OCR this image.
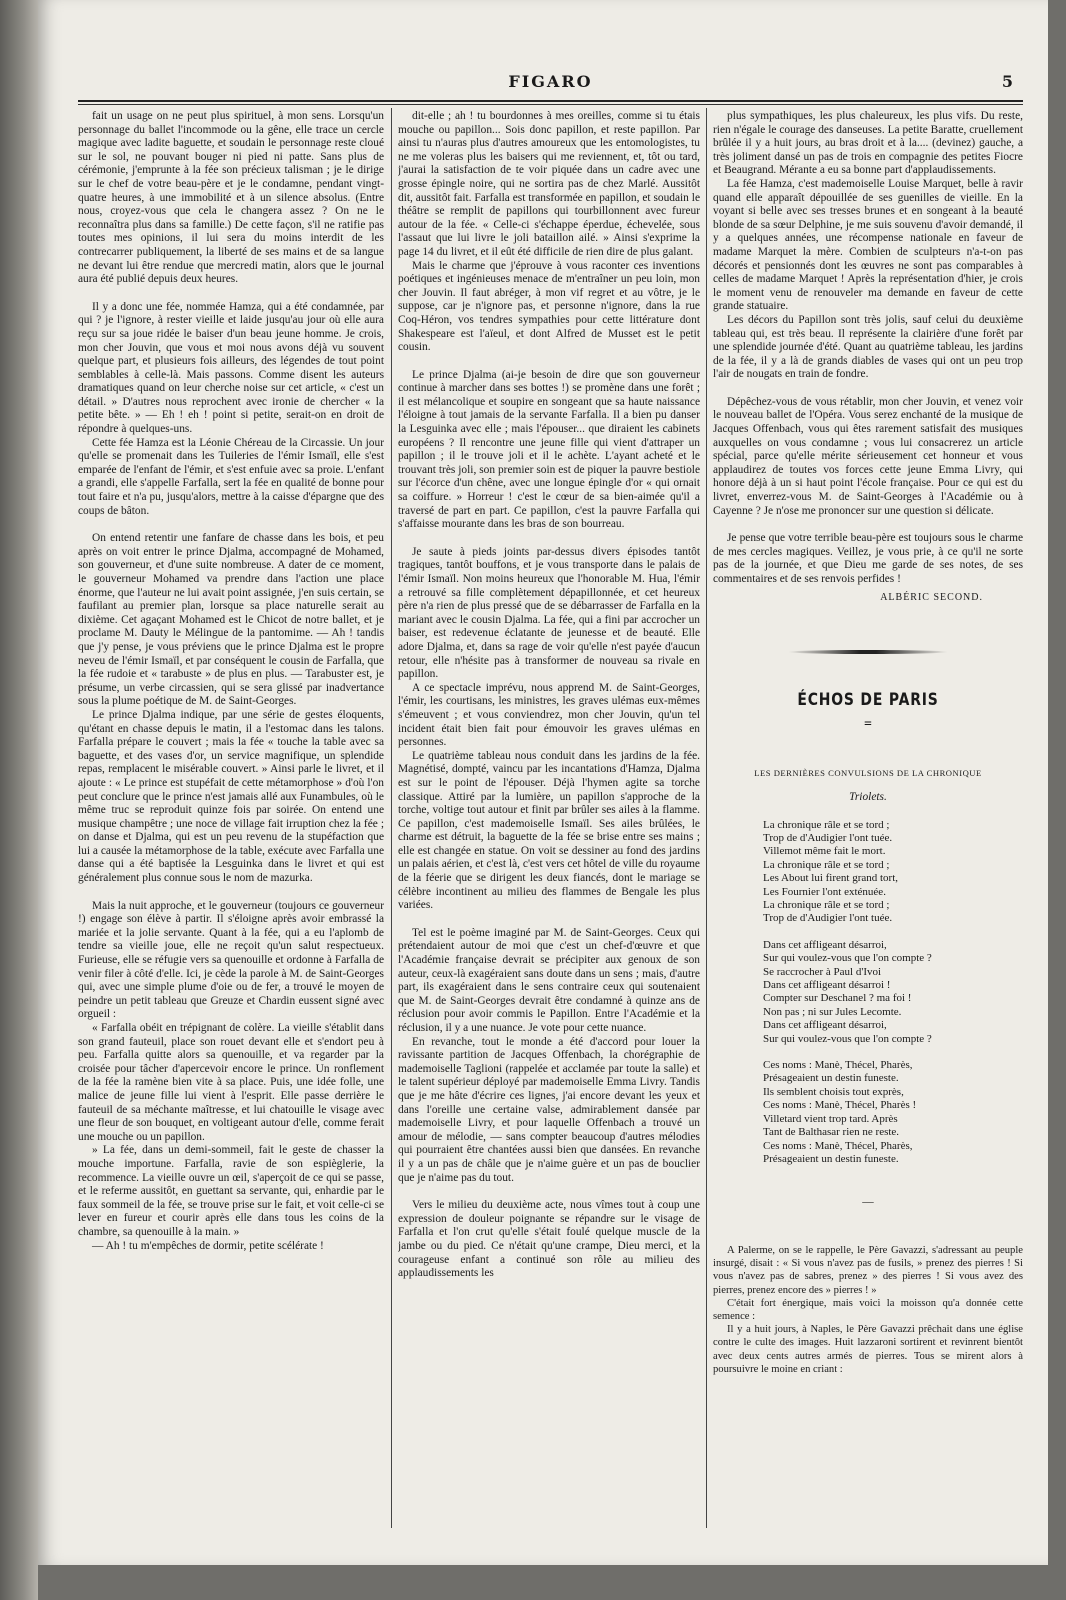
FIGARO	5

fait un usage on ne peut plus spirituel, à mon sens. Lorsqu'un personnage du ballet l'incommode ou la gêne, elle trace un cercle magique avec ladite baguette, et soudain le personnage reste cloué sur le sol, ne pouvant bouger ni pied ni patte. Sans plus de cérémonie, j'emprunte à la fée son précieux talisman ; je le dirige sur le chef de votre beau-père et je le condamne, pendant vingt-quatre heures, à une immobilité et à un silence absolus. (Entre nous, croyez-vous que cela le changera assez ? On ne le reconnaîtra plus dans sa famille.) De cette façon, s'il ne ratifie pas toutes mes opinions, il lui sera du moins interdit de les contrecarrer publiquement, la liberté de ses mains et de sa langue ne devant lui être rendue que mercredi matin, alors que le journal aura été publié depuis deux heures.

Il y a donc une fée, nommée Hamza, qui a été condamnée, par qui ? je l'ignore, à rester vieille et laide jusqu'au jour où elle aura reçu sur sa joue ridée le baiser d'un beau jeune homme. Je crois, mon cher Jouvin, que vous et moi nous avons déjà vu souvent quelque part, et plusieurs fois ailleurs, des légendes de tout point semblables à celle-là. Mais passons. Comme disent les auteurs dramatiques quand on leur cherche noise sur cet article, « c'est un détail. » D'autres nous reprochent avec ironie de chercher « la petite bête. » — Eh ! eh ! point si petite, serait-on en droit de répondre à quelques-uns.

Cette fée Hamza est la Léonie Chéreau de la Circassie. Un jour qu'elle se promenait dans les Tuileries de l'émir Ismaïl, elle s'est emparée de l'enfant de l'émir, et s'est enfuie avec sa proie. L'enfant a grandi, elle s'appelle Farfalla, sert la fée en qualité de bonne pour tout faire et n'a pu, jusqu'alors, mettre à la caisse d'épargne que des coups de bâton.

On entend retentir une fanfare de chasse dans les bois, et peu après on voit entrer le prince Djalma, accompagné de Mohamed, son gouverneur, et d'une suite nombreuse. A dater de ce moment, le gouverneur Mohamed va prendre dans l'action une place énorme, que l'auteur ne lui avait point assignée, j'en suis certain, se faufilant au premier plan, lorsque sa place naturelle serait au dixième. Cet agaçant Mohamed est le Chicot de notre ballet, et je proclame M. Dauty le Mélingue de la pantomime. — Ah ! tandis que j'y pense, je vous préviens que le prince Djalma est le propre neveu de l'émir Ismaïl, et par conséquent le cousin de Farfalla, que la fée rudoie et « tarabuste » de plus en plus. — Tarabuster est, je présume, un verbe circassien, qui se sera glissé par inadvertance sous la plume poétique de M. de Saint-Georges.

Le prince Djalma indique, par une série de gestes éloquents, qu'étant en chasse depuis le matin, il a l'estomac dans les talons. Farfalla prépare le couvert ; mais la fée « touche la table avec sa baguette, et des vases d'or, un service magnifique, un splendide repas, remplacent le misérable couvert. » Ainsi parle le livret, et il ajoute : « Le prince est stupéfait de cette métamorphose » d'où l'on peut conclure que le prince n'est jamais allé aux Funambules, où le même truc se reproduit quinze fois par soirée. On entend une musique champêtre ; une noce de village fait irruption chez la fée ; on danse et Djalma, qui est un peu revenu de la stupéfaction que lui a causée la métamorphose de la table, exécute avec Farfalla une danse qui a été baptisée la Lesguinka dans le livret et qui est généralement plus connue sous le nom de mazurka.

Mais la nuit approche, et le gouverneur (toujours ce gouverneur !) engage son élève à partir. Il s'éloigne après avoir embrassé la mariée et la jolie servante. Quant à la fée, qui a eu l'aplomb de tendre sa vieille joue, elle ne reçoit qu'un salut respectueux. Furieuse, elle se réfugie vers sa quenouille et ordonne à Farfalla de venir filer à côté d'elle. Ici, je cède la parole à M. de Saint-Georges qui, avec une simple plume d'oie ou de fer, a trouvé le moyen de peindre un petit tableau que Greuze et Chardin eussent signé avec orgueil :

« Farfalla obéit en trépignant de colère. La vieille s'établit dans son grand fauteuil, place son rouet devant elle et s'endort peu à peu. Farfalla quitte alors sa quenouille, et va regarder par la croisée pour tâcher d'apercevoir encore le prince. Un ronflement de la fée la ramène bien vite à sa place. Puis, une idée folle, une malice de jeune fille lui vient à l'esprit. Elle passe derrière le fauteuil de sa méchante maîtresse, et lui chatouille le visage avec une fleur de son bouquet, en voltigeant autour d'elle, comme ferait une mouche ou un papillon.

» La fée, dans un demi-sommeil, fait le geste de chasser la mouche importune. Farfalla, ravie de son espièglerie, la recommence. La vieille ouvre un œil, s'aperçoit de ce qui se passe, et le referme aussitôt, en guettant sa servante, qui, enhardie par le faux sommeil de la fée, se trouve prise sur le fait, et voit celle-ci se lever en fureur et courir après elle dans tous les coins de la chambre, sa quenouille à la main. »

— Ah ! tu m'empêches de dormir, petite scélérate !

dit-elle ; ah ! tu bourdonnes à mes oreilles, comme si tu étais mouche ou papillon... Sois donc papillon, et reste papillon. Par ainsi tu n'auras plus d'autres amoureux que les entomologistes, tu ne me voleras plus les baisers qui me reviennent, et, tôt ou tard, j'aurai la satisfaction de te voir piquée dans un cadre avec une grosse épingle noire, qui ne sortira pas de chez Marlé. Aussitôt dit, aussitôt fait. Farfalla est transformée en papillon, et soudain le théâtre se remplit de papillons qui tourbillonnent avec fureur autour de la fée. « Celle-ci s'échappe éperdue, échevelée, sous l'assaut que lui livre le joli bataillon ailé. » Ainsi s'exprime la page 14 du livret, et il eût été difficile de rien dire de plus galant.

Mais le charme que j'éprouve à vous raconter ces inventions poétiques et ingénieuses menace de m'entraîner un peu loin, mon cher Jouvin. Il faut abréger, à mon vif regret et au vôtre, je le suppose, car je n'ignore pas, et personne n'ignore, dans la rue Coq-Héron, vos tendres sympathies pour cette littérature dont Shakespeare est l'aïeul, et dont Alfred de Musset est le petit cousin.

Le prince Djalma (ai-je besoin de dire que son gouverneur continue à marcher dans ses bottes !) se promène dans une forêt ; il est mélancolique et soupire en songeant que sa haute naissance l'éloigne à tout jamais de la servante Farfalla. Il a bien pu danser la Lesguinka avec elle ; mais l'épouser... que diraient les cabinets européens ? Il rencontre une jeune fille qui vient d'attraper un papillon ; il le trouve joli et il le achète. L'ayant acheté et le trouvant très joli, son premier soin est de piquer la pauvre bestiole sur l'écorce d'un chêne, avec une longue épingle d'or « qui ornait sa coiffure. » Horreur ! c'est le cœur de sa bien-aimée qu'il a traversé de part en part. Ce papillon, c'est la pauvre Farfalla qui s'affaisse mourante dans les bras de son bourreau.

Je saute à pieds joints par-dessus divers épisodes tantôt tragiques, tantôt bouffons, et je vous transporte dans le palais de l'émir Ismaïl. Non moins heureux que l'honorable M. Hua, l'émir a retrouvé sa fille complètement dépapillonnée, et cet heureux père n'a rien de plus pressé que de se débarrasser de Farfalla en la mariant avec le cousin Djalma. La fée, qui a fini par accrocher un baiser, est redevenue éclatante de jeunesse et de beauté. Elle adore Djalma, et, dans sa rage de voir qu'elle n'est payée d'aucun retour, elle n'hésite pas à transformer de nouveau sa rivale en papillon.

A ce spectacle imprévu, nous apprend M. de Saint-Georges, l'émir, les courtisans, les ministres, les graves ulémas eux-mêmes s'émeuvent ; et vous conviendrez, mon cher Jouvin, qu'un tel incident était bien fait pour émouvoir les graves ulémas en personnes.

Le quatrième tableau nous conduit dans les jardins de la fée. Magnétisé, dompté, vaincu par les incantations d'Hamza, Djalma est sur le point de l'épouser. Déjà l'hymen agite sa torche classique. Attiré par la lumière, un papillon s'approche de la torche, voltige tout autour et finit par brûler ses ailes à la flamme. Ce papillon, c'est mademoiselle Ismaïl. Ses ailes brûlées, le charme est détruit, la baguette de la fée se brise entre ses mains ; elle est changée en statue. On voit se dessiner au fond des jardins un palais aérien, et c'est là, c'est vers cet hôtel de ville du royaume de la féerie que se dirigent les deux fiancés, dont le mariage se célèbre incontinent au milieu des flammes de Bengale les plus variées.

Tel est le poème imaginé par M. de Saint-Georges. Ceux qui prétendaient autour de moi que c'est un chef-d'œuvre et que l'Académie française devrait se précipiter aux genoux de son auteur, ceux-là exagéraient sans doute dans un sens ; mais, d'autre part, ils exagéraient dans le sens contraire ceux qui soutenaient que M. de Saint-Georges devrait être condamné à quinze ans de réclusion pour avoir commis le Papillon. Entre l'Académie et la réclusion, il y a une nuance. Je vote pour cette nuance.

En revanche, tout le monde a été d'accord pour louer la ravissante partition de Jacques Offenbach, la chorégraphie de mademoiselle Taglioni (rappelée et acclamée par toute la salle) et le talent supérieur déployé par mademoiselle Emma Livry. Tandis que je me hâte d'écrire ces lignes, j'ai encore devant les yeux et dans l'oreille une certaine valse, admirablement dansée par mademoiselle Livry, et pour laquelle Offenbach a trouvé un amour de mélodie, — sans compter beaucoup d'autres mélodies qui pourraient être chantées aussi bien que dansées. En revanche il y a un pas de châle que je n'aime guère et un pas de bouclier que je n'aime pas du tout.

Vers le milieu du deuxième acte, nous vîmes tout à coup une expression de douleur poignante se répandre sur le visage de Farfalla et l'on crut qu'elle s'était foulé quelque muscle de la jambe ou du pied. Ce n'était qu'une crampe, Dieu merci, et la courageuse enfant a continué son rôle au milieu des applaudissements les

plus sympathiques, les plus chaleureux, les plus vifs. Du reste, rien n'égale le courage des danseuses. La petite Baratte, cruellement brûlée il y a huit jours, au bras droit et à la.... (devinez) gauche, a très joliment dansé un pas de trois en compagnie des petites Fiocre et Beaugrand. Mérante a eu sa bonne part d'applaudissements.

La fée Hamza, c'est mademoiselle Louise Marquet, belle à ravir quand elle apparaît dépouillée de ses guenilles de vieille. En la voyant si belle avec ses tresses brunes et en songeant à la beauté blonde de sa sœur Delphine, je me suis souvenu d'avoir demandé, il y a quelques années, une récompense nationale en faveur de madame Marquet la mère. Combien de sculpteurs n'a-t-on pas décorés et pensionnés dont les œuvres ne sont pas comparables à celles de madame Marquet ! Après la représentation d'hier, je crois le moment venu de renouveler ma demande en faveur de cette grande statuaire.

Les décors du Papillon sont très jolis, sauf celui du deuxième tableau qui, est très beau. Il représente la clairière d'une forêt par une splendide journée d'été. Quant au quatrième tableau, les jardins de la fée, il y a là de grands diables de vases qui ont un peu trop l'air de nougats en train de fondre.

Dépêchez-vous de vous rétablir, mon cher Jouvin, et venez voir le nouveau ballet de l'Opéra. Vous serez enchanté de la musique de Jacques Offenbach, vous qui êtes rarement satisfait des musiques auxquelles on vous condamne ; vous lui consacrerez un article spécial, parce qu'elle mérite sérieusement cet honneur et vous applaudirez de toutes vos forces cette jeune Emma Livry, qui honore déjà à un si haut point l'école française. Pour ce qui est du livret, enverrez-vous M. de Saint-Georges à l'Académie ou à Cayenne ? Je n'ose me prononcer sur une question si délicate.

Je pense que votre terrible beau-père est toujours sous le charme de mes cercles magiques. Veillez, je vous prie, à ce qu'il ne sorte pas de la journée, et que Dieu me garde de ses notes, de ses commentaires et de ses renvois perfides !

ALBÉRIC SECOND.
ÉCHOS DE PARIS
=
LES DERNIÈRES CONVULSIONS DE LA CHRONIQUE
Triolets.
La chronique râle et se tord ;
Trop de d'Audigier l'ont tuée.
Villemot même fait le mort.
La chronique râle et se tord ;
Les About lui firent grand tort,
Les Fournier l'ont exténuée.
La chronique râle et se tord ;
Trop de d'Audigier l'ont tuée.
Dans cet affligeant désarroi,
Sur qui voulez-vous que l'on compte ?
Se raccrocher à Paul d'Ivoi
Dans cet affligeant désarroi !
Compter sur Deschanel ? ma foi !
Non pas ; ni sur Jules Lecomte.
Dans cet affligeant désarroi,
Sur qui voulez-vous que l'on compte ?
Ces noms : Manè, Thécel, Pharès,
Présageaient un destin funeste.
Ils semblent choisis tout exprès,
Ces noms : Manè, Thécel, Pharès !
Villetard vient trop tard. Après
Tant de Balthasar rien ne reste.
Ces noms : Manè, Thécel, Pharès,
Présageaient un destin funeste.
—

A Palerme, on se le rappelle, le Père Gavazzi, s'adressant au peuple insurgé, disait : « Si vous n'avez pas de fusils, » prenez des pierres ! Si vous n'avez pas de sabres, prenez » des pierres ! Si vous avez des pierres, prenez encore des » pierres ! »

C'était fort énergique, mais voici la moisson qu'a donnée cette semence :

Il y a huit jours, à Naples, le Père Gavazzi prêchait dans une église contre le culte des images. Huit lazzaroni sortirent et revinrent bientôt avec deux cents autres armés de pierres. Tous se mirent alors à poursuivre le moine en criant :
